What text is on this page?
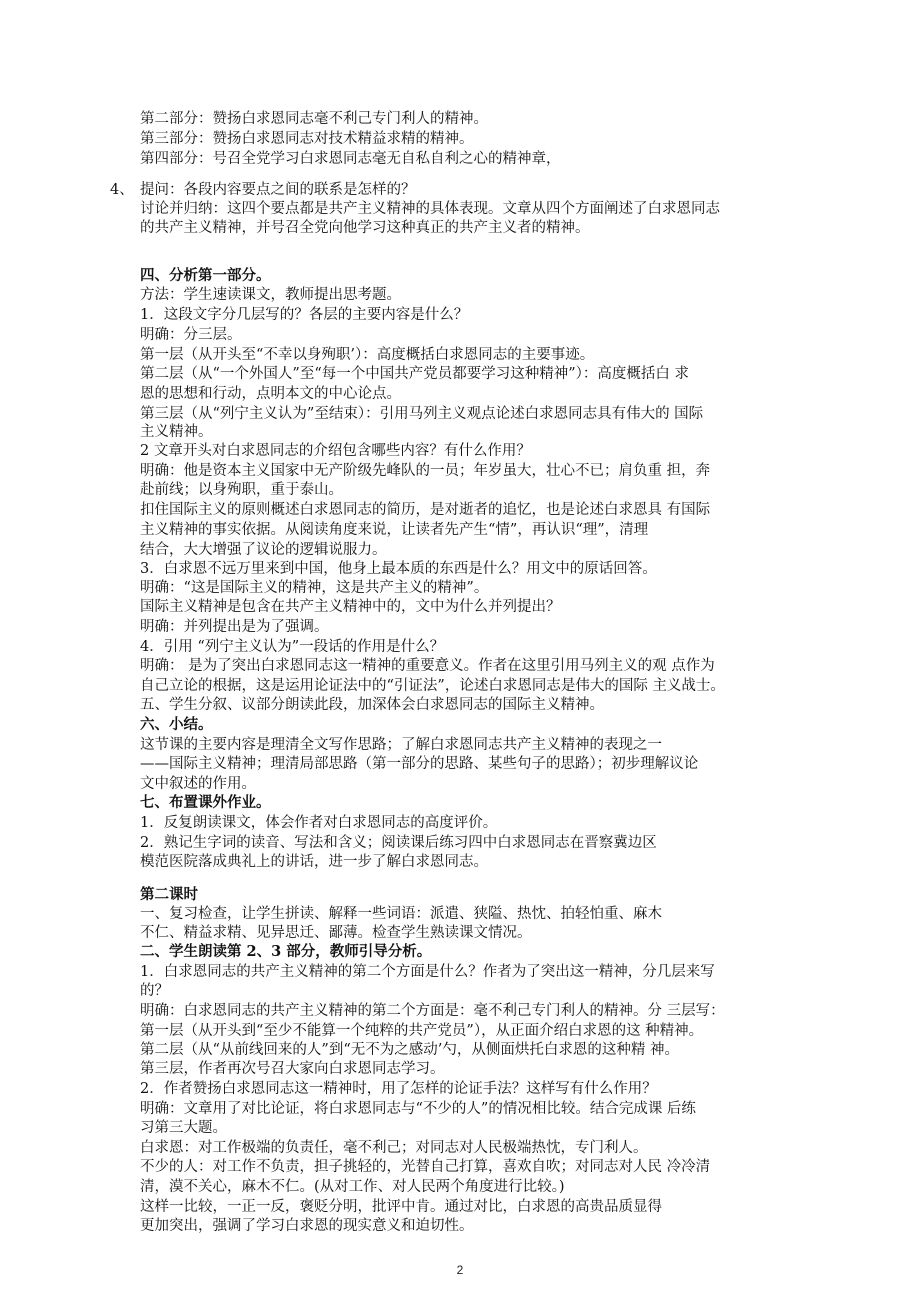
第二部分：赞扬白求恩同志毫不利己专门利人的精神。
第三部分：赞扬白求恩同志对技术精益求精的精神。
第四部分：号召全党学习白求恩同志毫无自私自利之心的精神章，
4、 提问：各段内容要点之间的联系是怎样的？
讨论并归纳：这四个要点都是共产主义精神的具体表现。文章从四个方面阐述了白求恩同志
的共产主义精神，并号召全党向他学习这种真正的共产主义者的精神。
四、分析第一部分。
方法：学生速读课文，教师提出思考题。
1．这段文字分几层写的？各层的主要内容是什么？
明确：分三层。
第一层（从开头至“不幸以身殉职’）：高度概括白求恩同志的主要事迹。
第二层（从“一个外国人”至“每一个中国共产党员都要学习这种精神”）：高度概括白 求
恩的思想和行动，点明本文的中心论点。
第三层（从“列宁主义认为”至结束）：引用马列主义观点论述白求恩同志具有伟大的 国际
主义精神。
2 文章开头对白求恩同志的介绍包含哪些内容？有什么作用？
明确：他是资本主义国家中无产阶级先峰队的一员；年岁虽大，壮心不已；肩负重 担，奔
赴前线；以身殉职，重于泰山。
扣住国际主义的原则概述白求恩同志的简历，是对逝者的追忆，也是论述白求恩具 有国际
主义精神的事实依据。从阅读角度来说，让读者先产生“情”，再认识“理”，清理
结合，大大增强了议论的逻辑说服力。
3．白求恩不远万里来到中国，他身上最本质的东西是什么？用文中的原话回答。
明确：“这是国际主义的精神，这是共产主义的精神”。
国际主义精神是包含在共产主义精神中的，文中为什么并列提出？
明确：并列提出是为了强调。
4．引用 “列宁主义认为”一段话的作用是什么？
明确： 是为了突出白求恩同志这一精神的重要意义。作者在这里引用马列主义的观 点作为
自己立论的根据，这是运用论证法中的“引证法”，论述白求恩同志是伟大的国际 主义战士。
五、学生分叙、议部分朗读此段，加深体会白求恩同志的国际主义精神。
六、小结。
这节课的主要内容是理清全文写作思路；了解白求恩同志共产主义精神的表现之一
——国际主义精神；理清局部思路（第一部分的思路、某些句子的思路）；初步理解议论
文中叙述的作用。
七、布置课外作业。
1．反复朗读课文，体会作者对白求恩同志的高度评价。
2．熟记生字词的读音、写法和含义；阅读课后练习四中白求恩同志在晋察冀边区
模范医院落成典礼上的讲话，进一步了解白求恩同志。
第二课时
一、复习检查，让学生拼读、解释一些词语：派遣、狭隘、热忱、拍轻怕重、麻木
不仁、精益求精、见异思迁、鄙薄。检查学生熟读课文情况。
二、学生朗读第 2、3 部分，教师引导分析。
1．白求恩同志的共产主义精神的第二个方面是什么？作者为了突出这一精神，分几层来写
的？
明确：白求恩同志的共产主义精神的第二个方面是：毫不利己专门利人的精神。分 三层写：
第一层（从开头到“至少不能算一个纯粹的共产党员”），从正面介绍白求恩的这 种精神。
第二层（从“从前线回来的人”到“无不为之感动’勺，从侧面烘托白求恩的这种精 神。
第三层，作者再次号召大家向白求恩同志学习。
2．作者赞扬白求恩同志这一精神时，用了怎样的论证手法？这样写有什么作用？
明确：文章用了对比论证，将白求恩同志与“不少的人”的情况相比较。结合完成课 后练
习第三大题。
白求恩：对工作极端的负责任，毫不利己；对同志对人民极端热忱，专门利人。
不少的人：对工作不负责，担子挑轻的，光替自己打算，喜欢自吹；对同志对人民 冷冷清
清，漠不关心，麻木不仁。(从对工作、对人民两个角度进行比较。)
这样一比较，一正一反，褒贬分明，批评中肯。通过对比，白求恩的高贵品质显得
更加突出，强调了学习白求恩的现实意义和迫切性。
2
